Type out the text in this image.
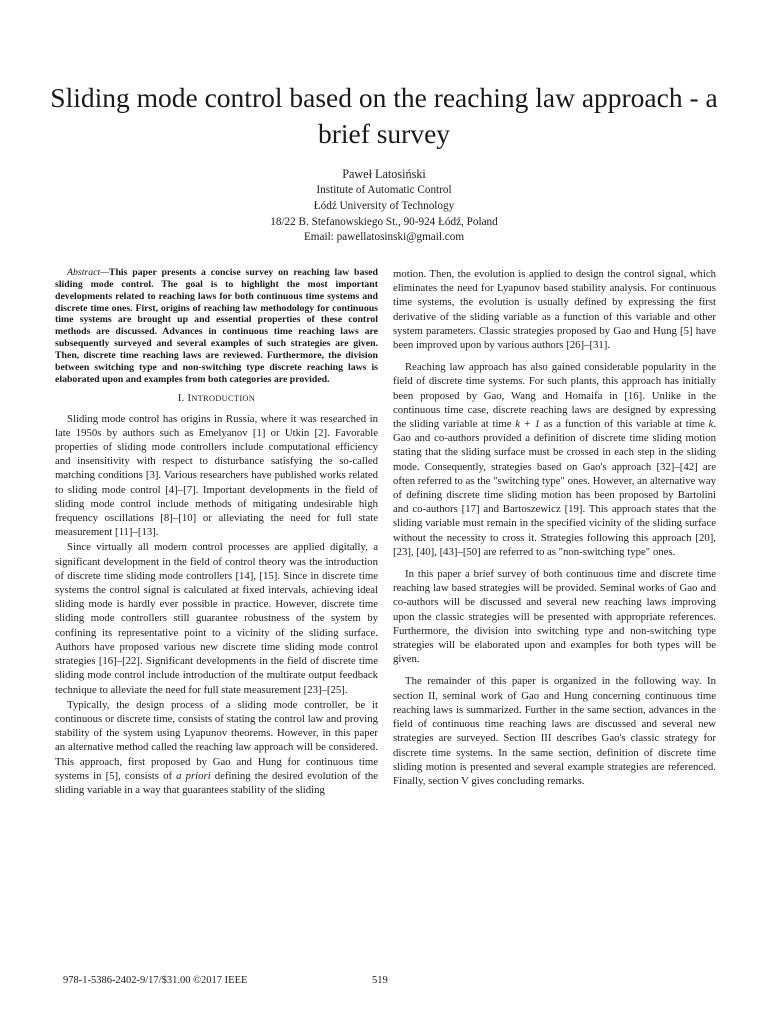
Sliding mode control based on the reaching law approach - a brief survey
Paweł Latosiński
Institute of Automatic Control
Łódź University of Technology
18/22 B. Stefanowskiego St., 90-924 Łódź, Poland
Email: pawellatosinski@gmail.com

Abstract—This paper presents a concise survey on reaching law based sliding mode control. The goal is to highlight the most important developments related to reaching laws for both continuous time systems and discrete time ones. First, origins of reaching law methodology for continuous time systems are brought up and essential properties of these control methods are discussed. Advances in continuous time reaching laws are subsequently surveyed and several examples of such strategies are given. Then, discrete time reaching laws are reviewed. Furthermore, the division between switching type and non-switching type discrete reaching laws is elaborated upon and examples from both categories are provided.

I. INTRODUCTION

Sliding mode control has origins in Russia, where it was researched in late 1950s by authors such as Emelyanov [1] or Utkin [2]. Favorable properties of sliding mode controllers include computational efficiency and insensitivity with respect to disturbance satisfying the so-called matching conditions [3]. Various researchers have published works related to sliding mode control [4]–[7]. Important developments in the field of sliding mode control include methods of mitigating undesirable high frequency oscillations [8]–[10] or alleviating the need for full state measurement [11]–[13].

Since virtually all modern control processes are applied digitally, a significant development in the field of control theory was the introduction of discrete time sliding mode controllers [14], [15]. Since in discrete time systems the control signal is calculated at fixed intervals, achieving ideal sliding mode is hardly ever possible in practice. However, discrete time sliding mode controllers still guarantee robustness of the system by confining its representative point to a vicinity of the sliding surface. Authors have proposed various new discrete time sliding mode control strategies [16]–[22]. Significant developments in the field of discrete time sliding mode control include introduction of the multirate output feedback technique to alleviate the need for full state measurement [23]–[25].

Typically, the design process of a sliding mode controller, be it continuous or discrete time, consists of stating the control law and proving stability of the system using Lyapunov theorems. However, in this paper an alternative method called the reaching law approach will be considered. This approach, first proposed by Gao and Hung for continuous time systems in [5], consists of a priori defining the desired evolution of the sliding variable in a way that guarantees stability of the sliding

motion. Then, the evolution is applied to design the control signal, which eliminates the need for Lyapunov based stability analysis. For continuous time systems, the evolution is usually defined by expressing the first derivative of the sliding variable as a function of this variable and other system parameters. Classic strategies proposed by Gao and Hung [5] have been improved upon by various authors [26]–[31].

Reaching law approach has also gained considerable popularity in the field of discrete time systems. For such plants, this approach has initially been proposed by Gao, Wang and Homaifa in [16]. Unlike in the continuous time case, discrete reaching laws are designed by expressing the sliding variable at time k + 1 as a function of this variable at time k. Gao and co-authors provided a definition of discrete time sliding motion stating that the sliding surface must be crossed in each step in the sliding mode. Consequently, strategies based on Gao's approach [32]–[42] are often referred to as the "switching type" ones. However, an alternative way of defining discrete time sliding motion has been proposed by Bartolini and co-authors [17] and Bartoszewicz [19]. This approach states that the sliding variable must remain in the specified vicinity of the sliding surface without the necessity to cross it. Strategies following this approach [20], [23], [40], [43]–[50] are referred to as "non-switching type" ones.

In this paper a brief survey of both continuous time and discrete time reaching law based strategies will be provided. Seminal works of Gao and co-authors will be discussed and several new reaching laws improving upon the classic strategies will be presented with appropriate references. Furthermore, the division into switching type and non-switching type strategies will be elaborated upon and examples for both types will be given.

The remainder of this paper is organized in the following way. In section II, seminal work of Gao and Hung concerning continuous time reaching laws is summarized. Further in the same section, advances in the field of continuous time reaching laws are discussed and several new strategies are surveyed. Section III describes Gao's classic strategy for discrete time systems. In the same section, definition of discrete time sliding motion is presented and several example strategies are referenced. Finally, section V gives concluding remarks.

978-1-5386-2402-9/17/$31.00 ©2017 IEEE	519
